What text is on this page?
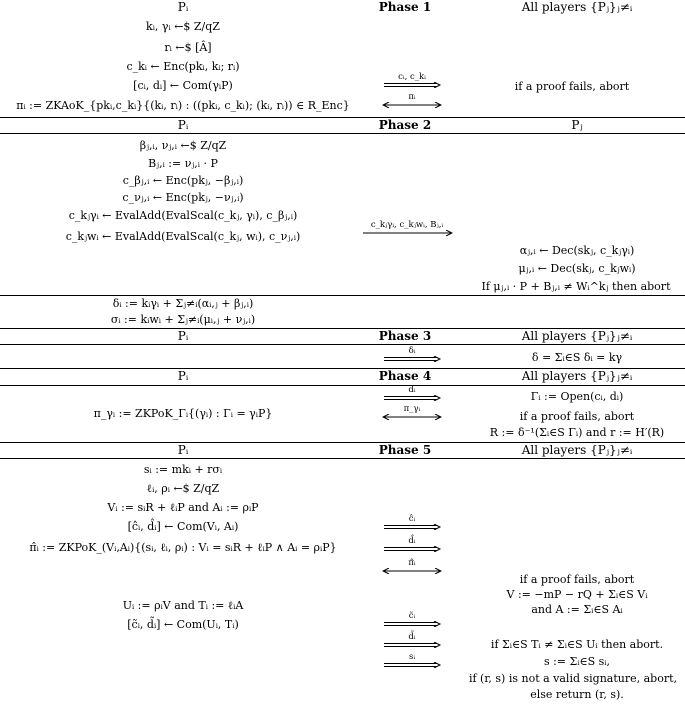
Pᵢ	Phase 1	All players {Pⱼ}ⱼ≠ᵢ
kᵢ, γᵢ ←$ Z/qZ
rᵢ ←$ [Â]
c_kᵢ ← Enc(pkᵢ, kᵢ; rᵢ)
[cᵢ, dᵢ] ← Com(γᵢP)
πᵢ := ZKAoK_{pkᵢ,c_kᵢ}{(kᵢ, rᵢ) : ((pkᵢ, c_kᵢ); (kᵢ, rᵢ)) ∈ R_Enc}
cᵢ, c_kᵢ
πᵢ
if a proof fails, abort
Pᵢ	Phase 2	Pⱼ
βⱼ,ᵢ, νⱼ,ᵢ ←$ Z/qZ
Bⱼ,ᵢ := νⱼ,ᵢ · P
c_βⱼ,ᵢ ← Enc(pkⱼ, −βⱼ,ᵢ)
c_νⱼ,ᵢ ← Enc(pkⱼ, −νⱼ,ᵢ)
c_kⱼγᵢ ← EvalAdd(EvalScal(c_kⱼ, γᵢ), c_βⱼ,ᵢ)
c_kⱼwᵢ ← EvalAdd(EvalScal(c_kⱼ, wᵢ), c_νⱼ,ᵢ)
c_kⱼγᵢ, c_kⱼwᵢ, Bⱼ,ᵢ
αⱼ,ᵢ ← Dec(skⱼ, c_kⱼγᵢ)
μⱼ,ᵢ ← Dec(skⱼ, c_kⱼwᵢ)
If μⱼ,ᵢ · P + Bⱼ,ᵢ ≠ Wᵢ^kⱼ then abort
δᵢ := kᵢγᵢ + Σⱼ≠ᵢ(αᵢ,ⱼ + βⱼ,ᵢ)
σᵢ := kᵢwᵢ + Σⱼ≠ᵢ(μᵢ,ⱼ + νⱼ,ᵢ)
Pᵢ	Phase 3	All players {Pⱼ}ⱼ≠ᵢ
δᵢ	δ = Σᵢ∈S δᵢ = kγ
Pᵢ	Phase 4	All players {Pⱼ}ⱼ≠ᵢ
π_γᵢ := ZKPoK_Γᵢ{(γᵢ) : Γᵢ = γᵢP}
dᵢ
π_γᵢ
Γᵢ := Open(cᵢ, dᵢ)
if a proof fails, abort
R := δ⁻¹(Σᵢ∈S Γᵢ) and r := H′(R)
Pᵢ	Phase 5	All players {Pⱼ}ⱼ≠ᵢ
sᵢ := mkᵢ + rσᵢ
ℓᵢ, ρᵢ ←$ Z/qZ
Vᵢ := sᵢR + ℓᵢP and Aᵢ := ρᵢP
[ĉᵢ, d̂ᵢ] ← Com(Vᵢ, Aᵢ)
π̂ᵢ := ZKPoK_(Vᵢ,Aᵢ){(sᵢ, ℓᵢ, ρᵢ) : Vᵢ = sᵢR + ℓᵢP ∧ Aᵢ = ρᵢP}
Uᵢ := ρᵢV and Tᵢ := ℓᵢA
[c̃ᵢ, d̃ᵢ] ← Com(Uᵢ, Tᵢ)
ĉᵢ
d̂ᵢ
π̂ᵢ
c̃ᵢ
d̃ᵢ
sᵢ
if a proof fails, abort
V := −mP − rQ + Σᵢ∈S Vᵢ
and A := Σᵢ∈S Aᵢ
if Σᵢ∈S Tᵢ ≠ Σᵢ∈S Uᵢ then abort.
s := Σᵢ∈S sᵢ,
if (r, s) is not a valid signature, abort,
else return (r, s).
